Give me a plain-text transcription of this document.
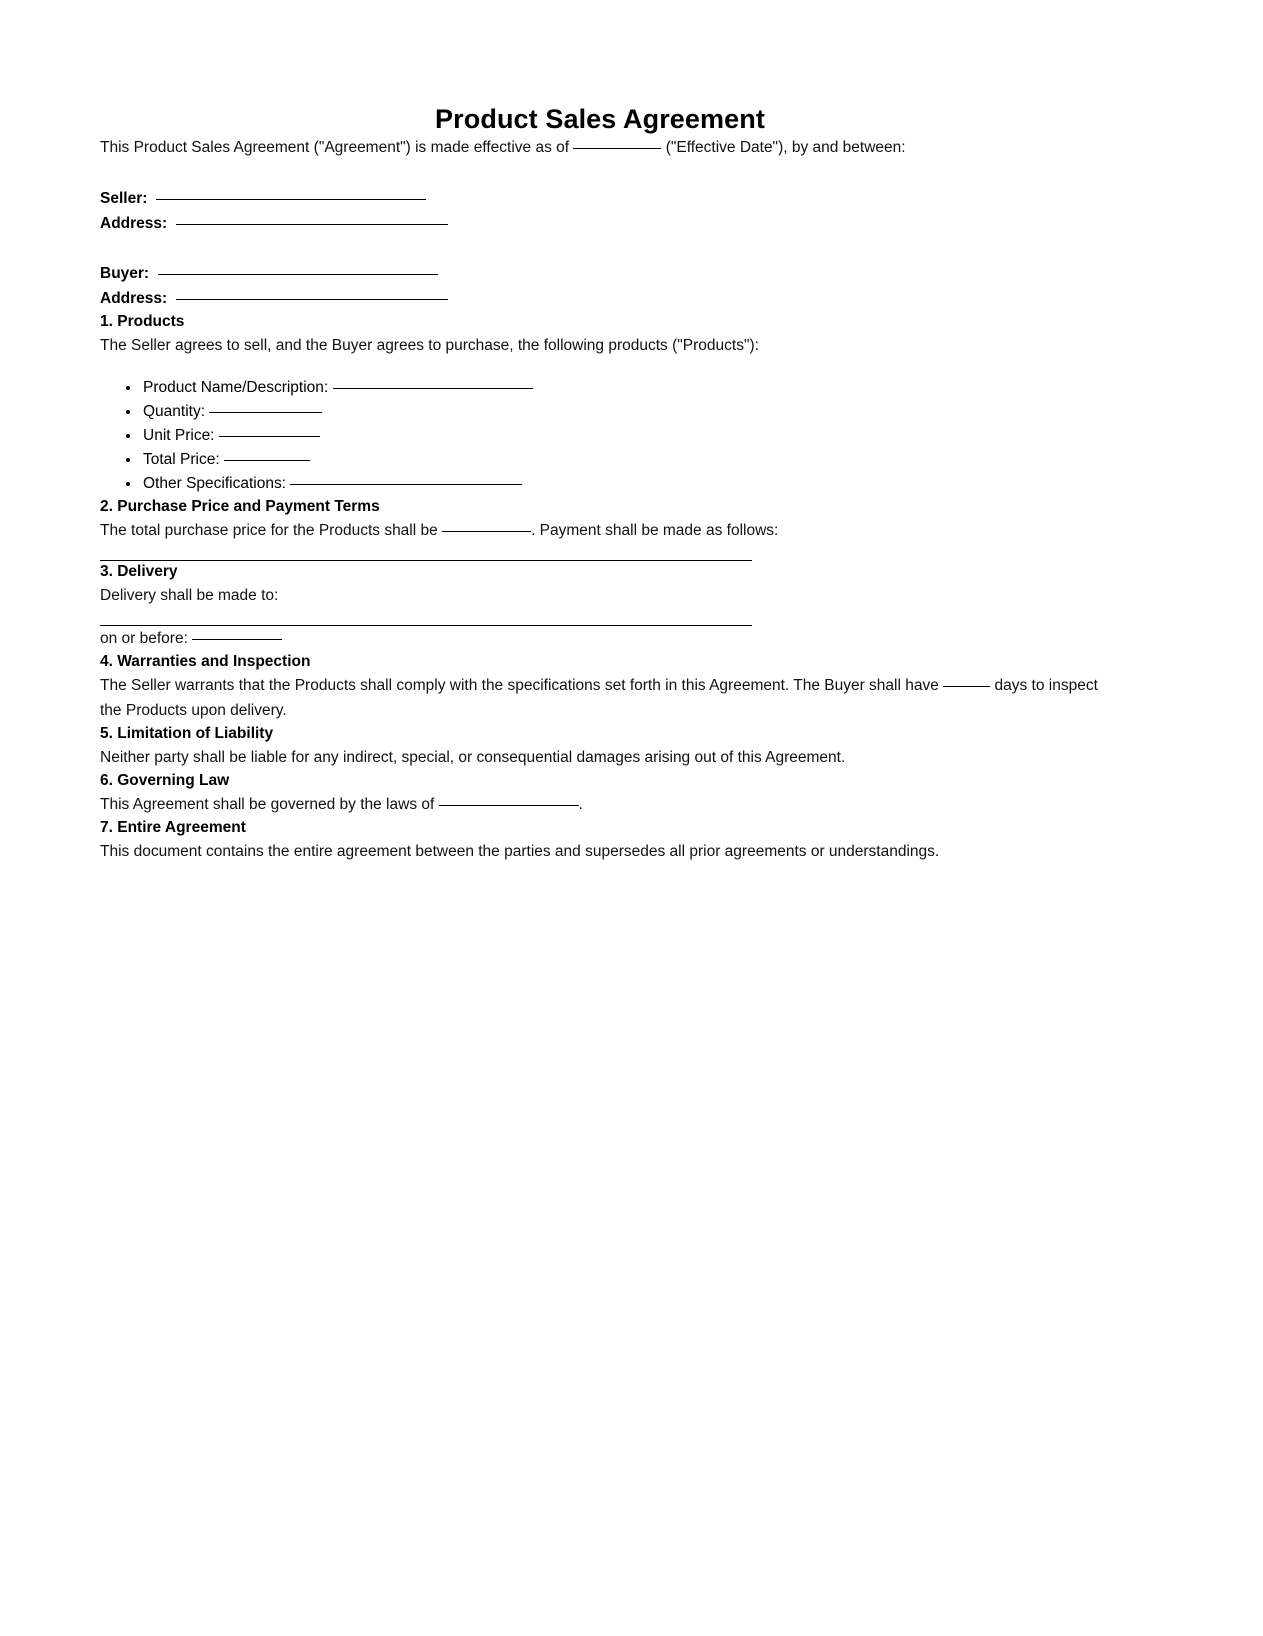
Product Sales Agreement

This Product Sales Agreement ("Agreement") is made effective as of	("Effective Date"), by and between:

Seller:
Address:
Buyer:
Address:
1. Products

The Seller agrees to sell, and the Buyer agrees to purchase, the following products ("Products"):

• Product Name/Description:
• Quantity:
• Unit Price:
• Total Price:
• Other Specifications:
2. Purchase Price and Payment Terms

The total purchase price for the Products shall be	. Payment shall be made as follows:

3. Delivery

Delivery shall be made to:

on or before:

4. Warranties and Inspection

The Seller warrants that the Products shall comply with the specifications set forth in this Agreement. The Buyer shall have	days to inspect the Products upon delivery.

5. Limitation of Liability

Neither party shall be liable for any indirect, special, or consequential damages arising out of this Agreement.

6. Governing Law

This Agreement shall be governed by the laws of	.

7. Entire Agreement

This document contains the entire agreement between the parties and supersedes all prior agreements or understandings.
